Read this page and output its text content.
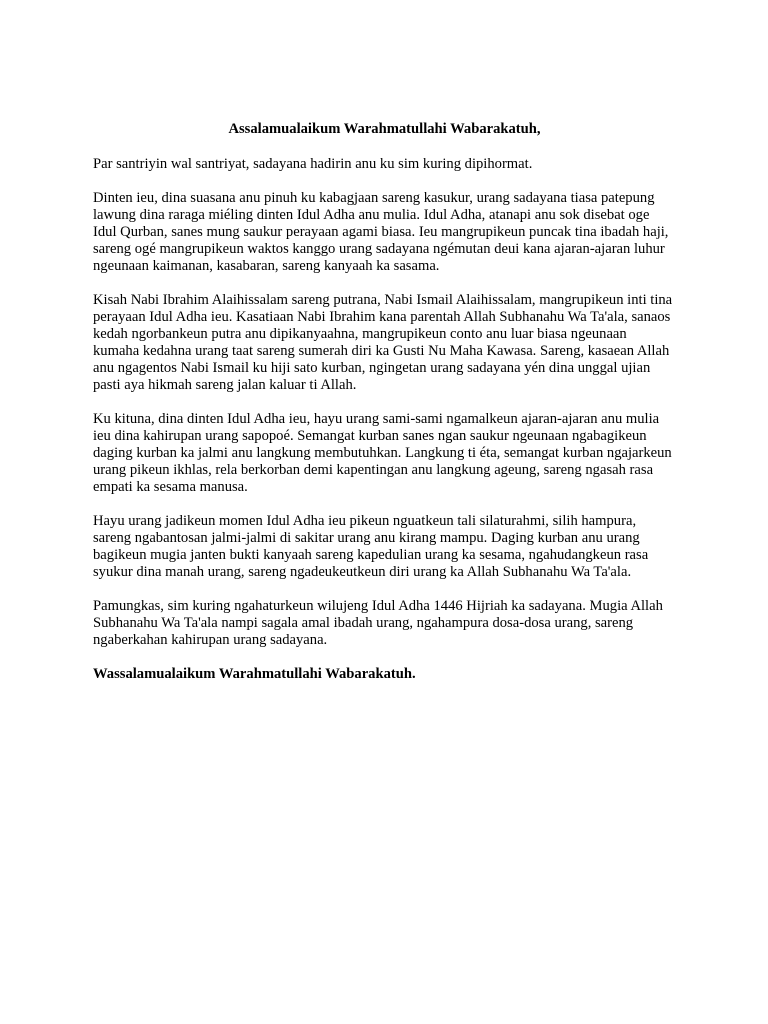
Assalamualaikum Warahmatullahi Wabarakatuh,

Par santriyin wal santriyat, sadayana hadirin anu ku sim kuring dipihormat.

Dinten ieu, dina suasana anu pinuh ku kabagjaan sareng kasukur, urang sadayana tiasa patepung lawung dina raraga miéling dinten Idul Adha anu mulia. Idul Adha, atanapi anu sok disebat oge Idul Qurban, sanes mung saukur perayaan agami biasa. Ieu mangrupikeun puncak tina ibadah haji, sareng ogé mangrupikeun waktos kanggo urang sadayana ngémutan deui kana ajaran-ajaran luhur ngeunaan kaimanan, kasabaran, sareng kanyaah ka sasama.

Kisah Nabi Ibrahim Alaihissalam sareng putrana, Nabi Ismail Alaihissalam, mangrupikeun inti tina perayaan Idul Adha ieu. Kasatiaan Nabi Ibrahim kana parentah Allah Subhanahu Wa Ta'ala, sanaos kedah ngorbankeun putra anu dipikanyaahna, mangrupikeun conto anu luar biasa ngeunaan kumaha kedahna urang taat sareng sumerah diri ka Gusti Nu Maha Kawasa. Sareng, kasaean Allah anu ngagentos Nabi Ismail ku hiji sato kurban, ngingetan urang sadayana yén dina unggal ujian pasti aya hikmah sareng jalan kaluar ti Allah.

Ku kituna, dina dinten Idul Adha ieu, hayu urang sami-sami ngamalkeun ajaran-ajaran anu mulia ieu dina kahirupan urang sapopoé. Semangat kurban sanes ngan saukur ngeunaan ngabagikeun daging kurban ka jalmi anu langkung membutuhkan. Langkung ti éta, semangat kurban ngajarkeun urang pikeun ikhlas, rela berkorban demi kapentingan anu langkung ageung, sareng ngasah rasa empati ka sesama manusa.

Hayu urang jadikeun momen Idul Adha ieu pikeun nguatkeun tali silaturahmi, silih hampura, sareng ngabantosan jalmi-jalmi di sakitar urang anu kirang mampu. Daging kurban anu urang bagikeun mugia janten bukti kanyaah sareng kapedulian urang ka sesama, ngahudangkeun rasa syukur dina manah urang, sareng ngadeukeutkeun diri urang ka Allah Subhanahu Wa Ta'ala.

Pamungkas, sim kuring ngahaturkeun wilujeng Idul Adha 1446 Hijriah ka sadayana. Mugia Allah Subhanahu Wa Ta'ala nampi sagala amal ibadah urang, ngahampura dosa-dosa urang, sareng ngaberkahan kahirupan urang sadayana.

Wassalamualaikum Warahmatullahi Wabarakatuh.
